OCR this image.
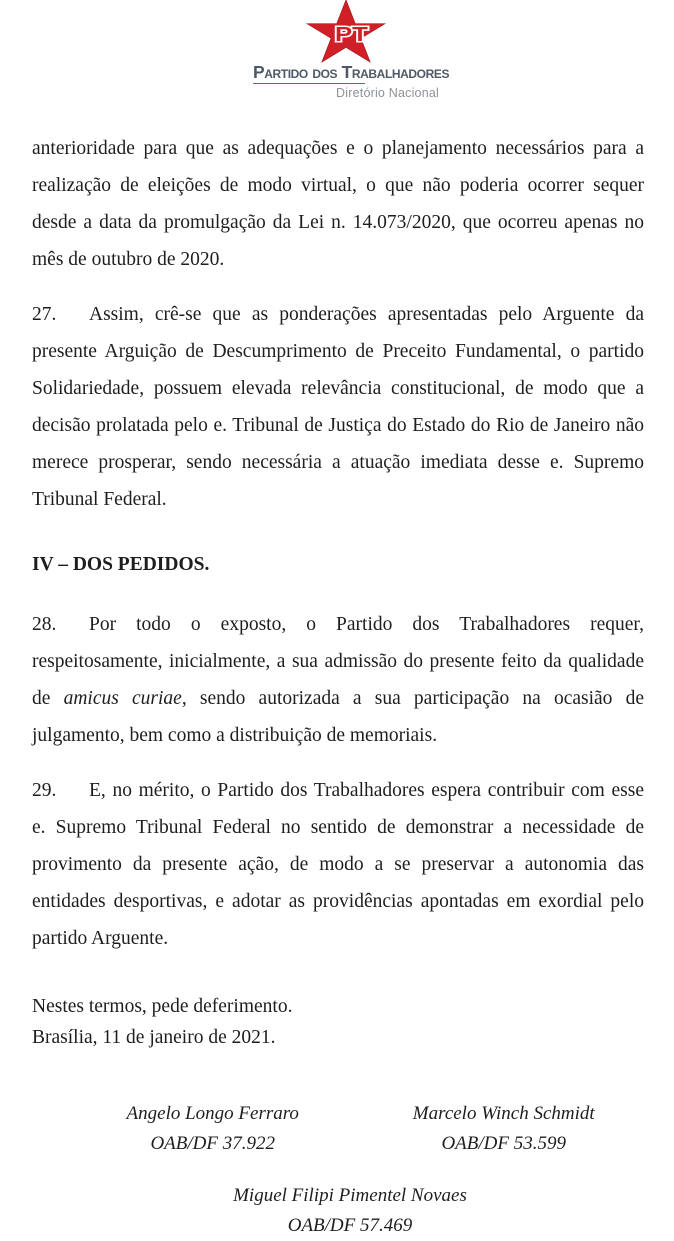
PT
Partido dos Trabalhadores
Diretório Nacional

anterioridade para que as adequações e o planejamento necessários para a realização de eleições de modo virtual, o que não poderia ocorrer sequer desde a data da promulgação da Lei n. 14.073/2020, que ocorreu apenas no mês de outubro de 2020.

27. Assim, crê-se que as ponderações apresentadas pelo Arguente da presente Arguição de Descumprimento de Preceito Fundamental, o partido Solidariedade, possuem elevada relevância constitucional, de modo que a decisão prolatada pelo e. Tribunal de Justiça do Estado do Rio de Janeiro não merece prosperar, sendo necessária a atuação imediata desse e. Supremo Tribunal Federal.

IV – DOS PEDIDOS.

28. Por todo o exposto, o Partido dos Trabalhadores requer, respeitosamente, inicialmente, a sua admissão do presente feito da qualidade de amicus curiae, sendo autorizada a sua participação na ocasião de julgamento, bem como a distribuição de memoriais.

29. E, no mérito, o Partido dos Trabalhadores espera contribuir com esse e. Supremo Tribunal Federal no sentido de demonstrar a necessidade de provimento da presente ação, de modo a se preservar a autonomia das entidades desportivas, e adotar as providências apontadas em exordial pelo partido Arguente.

Nestes termos, pede deferimento.
Brasília, 11 de janeiro de 2021.
Angelo Longo Ferraro
OAB/DF 37.922
Marcelo Winch Schmidt
OAB/DF 53.599
Miguel Filipi Pimentel Novaes
OAB/DF 57.469
